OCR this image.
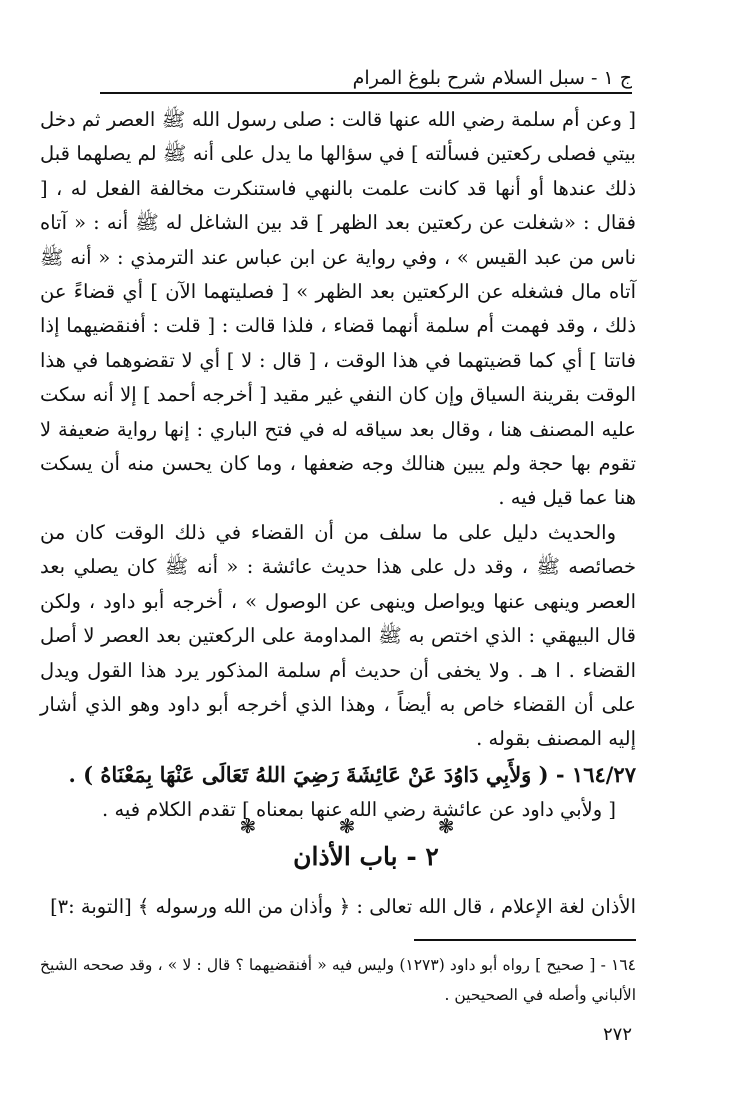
ج ١ - سبل السلام شرح بلوغ المرام

[ وعن أم سلمة رضي الله عنها قالت : صلى رسول الله ﷺ العصر ثم دخل بيتي فصلى ركعتين فسألته ] في سؤالها ما يدل على أنه ﷺ لم يصلهما قبل ذلك عندها أو أنها قد كانت علمت بالنهي فاستنكرت مخالفة الفعل له ، [ فقال : «شغلت عن ركعتين بعد الظهر ] قد بين الشاغل له ﷺ أنه : « آتاه ناس من عبد القيس » ، وفي رواية عن ابن عباس عند الترمذي : « أنه ﷺ آتاه مال فشغله عن الركعتين بعد الظهر » [ فصليتهما الآن ] أي قضاءً عن ذلك ، وقد فهمت أم سلمة أنهما قضاء ، فلذا قالت : [ قلت : أفنقضيهما إذا فاتتا ] أي كما قضيتهما في هذا الوقت ، [ قال : لا ] أي لا تقضوهما في هذا الوقت بقرينة السياق وإن كان النفي غير مقيد [ أخرجه أحمد ] إلا أنه سكت عليه المصنف هنا ، وقال بعد سياقه له في فتح الباري : إنها رواية ضعيفة لا تقوم بها حجة ولم يبين هنالك وجه ضعفها ، وما كان يحسن منه أن يسكت هنا عما قيل فيه .

والحديث دليل على ما سلف من أن القضاء في ذلك الوقت كان من خصائصه ﷺ ، وقد دل على هذا حديث عائشة : « أنه ﷺ كان يصلي بعد العصر وينهى عنها ويواصل وينهى عن الوصول » ، أخرجه أبو داود ، ولكن قال البيهقي : الذي اختص به ﷺ المداومة على الركعتين بعد العصر لا أصل القضاء . ا هـ . ولا يخفى أن حديث أم سلمة المذكور يرد هذا القول ويدل على أن القضاء خاص به أيضاً ، وهذا الذي أخرجه أبو داود وهو الذي أشار إليه المصنف بقوله .

١٦٤/٢٧ - ( وَلأَبِي دَاوُدَ عَنْ عَائِشَةَ رَضِيَ اللهُ تَعَالَى عَنْهَا بِمَعْنَاهُ ) .

[ ولأبي داود عن عائشة رضي الله عنها بمعناه ] تقدم الكلام فيه .

❃ ❃ ❃
٢ - باب الأذان

الأذان لغة الإعلام ، قال الله تعالى : ﴿ وأذان من الله ورسوله ﴾ [التوبة :٣]

١٦٤ - [ صحيح ] رواه أبو داود (١٢٧٣) وليس فيه « أفنقضيهما ؟ قال : لا » ، وقد صححه الشيخ الألباني وأصله في الصحيحين .

٢٧٢
